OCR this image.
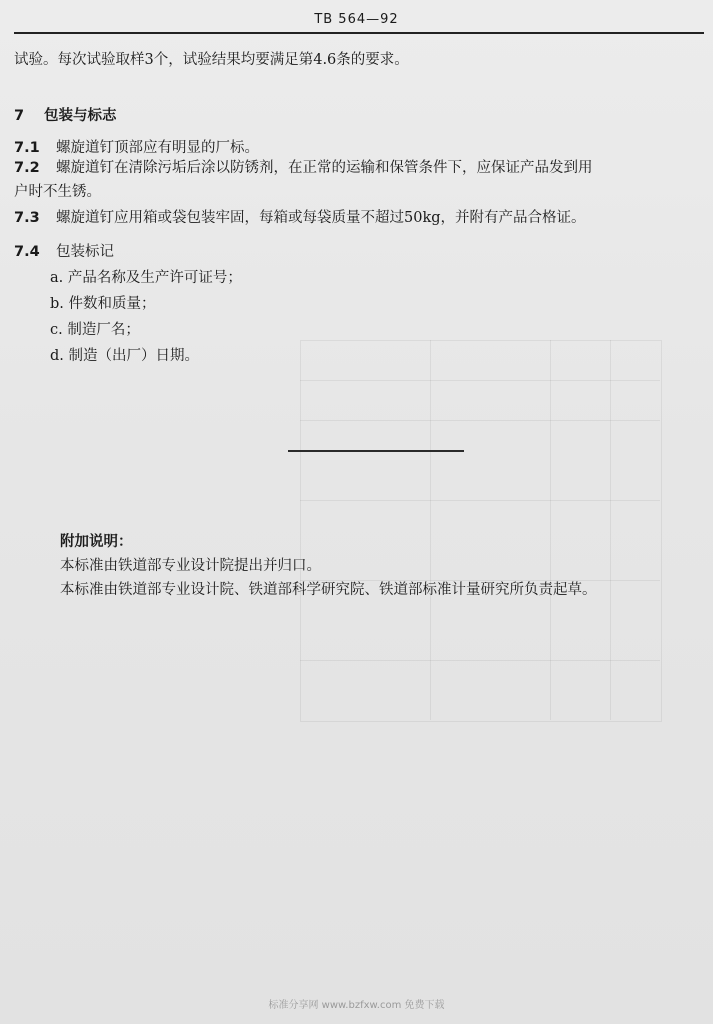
TB 564—92
试验。每次试验取样3个，试验结果均要满足第4.6条的要求。
7 包装与标志
7.1 螺旋道钉顶部应有明显的厂标。
7.2 螺旋道钉在清除污垢后涂以防锈剂，在正常的运输和保管条件下，应保证产品发到用
户时不生锈。
7.3 螺旋道钉应用箱或袋包装牢固，每箱或每袋质量不超过50kg，并附有产品合格证。
7.4 包装标记
a. 产品名称及生产许可证号；
b. 件数和质量；
c. 制造厂名；
d. 制造（出厂）日期。
附加说明：
本标准由铁道部专业设计院提出并归口。
本标准由铁道部专业设计院、铁道部科学研究院、铁道部标准计量研究所负责起草。
标准分享网 www.bzfxw.com 免费下载
